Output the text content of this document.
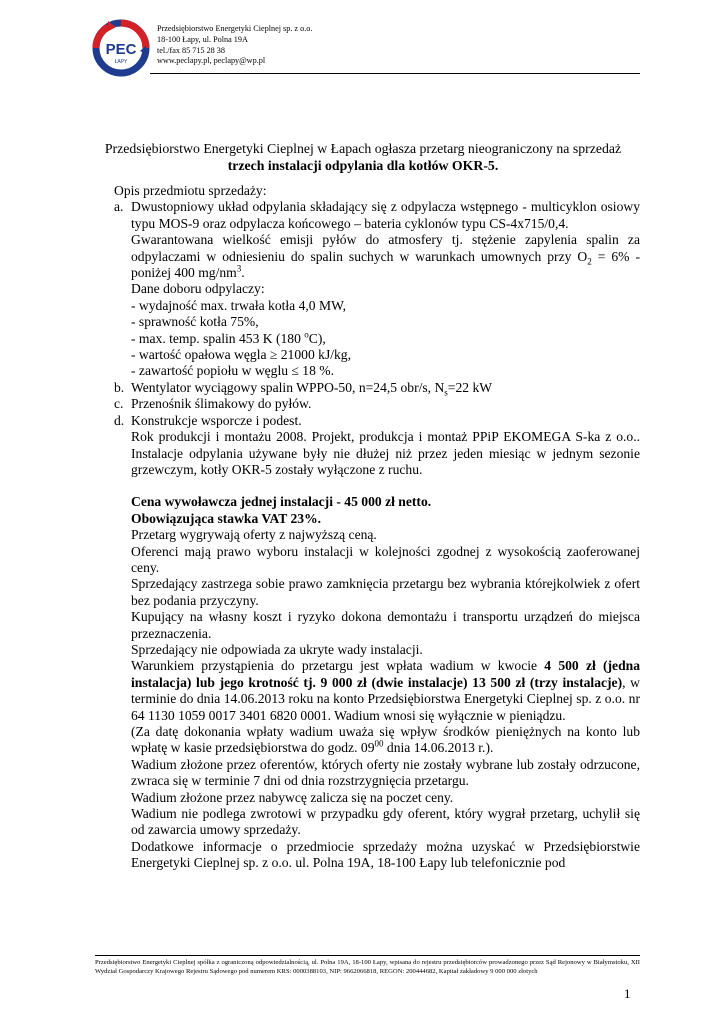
PEC
ŁAPY
Przedsiębiorstwo Energetyki Cieplnej sp. z o.o.
18-100 Łapy, ul. Polna 19A
tel./fax 85 715 28 38
www.peclapy.pl, peclapy@wp.pl
Przedsiębiorstwo Energetyki Cieplnej w Łapach ogłasza przetarg nieograniczony na sprzedaż
trzech instalacji odpylania dla kotłów OKR-5.

Opis przedmiotu sprzedaży:

a. Dwustopniowy układ odpylania składający się z odpylacza wstępnego - multicyklon osiowy typu MOS-9 oraz odpylacza końcowego – bateria cyklonów typu CS-4x715/0,4.
Gwarantowana wielkość emisji pyłów do atmosfery tj. stężenie zapylenia spalin za odpylaczami w odniesieniu do spalin suchych w warunkach umownych przy $O_2 = 6\%$ - poniżej 400 $mg/nm^3$.
Dane doboru odpylaczy:
- wydajność max. trwała kotła 4,0 MW,
- sprawność kotła 75%,
- max. temp. spalin 453 K (180 $^o$C),
- wartość opałowa węgla ≥ 21000 kJ/kg,
- zawartość popiołu w węglu ≤ 18 %.
b. Wentylator wyciągowy spalin WPPO-50, n=24,5 obr/s, $N_s=22$ kW
c. Przenośnik ślimakowy do pyłów.
d. Konstrukcje wsporcze i podest.
Rok produkcji i montażu 2008. Projekt, produkcja i montaż PPiP EKOMEGA S-ka z o.o.. Instalacje odpylania używane były nie dłużej niż przez jeden miesiąc w jednym sezonie grzewczym, kotły OKR-5 zostały wyłączone z ruchu.

Cena wywoławcza jednej instalacji - 45 000 zł netto.

Obowiązująca stawka VAT 23%.

Przetarg wygrywają oferty z najwyższą ceną.

Oferenci mają prawo wyboru instalacji w kolejności zgodnej z wysokością zaoferowanej ceny.

Sprzedający zastrzega sobie prawo zamknięcia przetargu bez wybrania którejkolwiek z ofert bez podania przyczyny.

Kupujący na własny koszt i ryzyko dokona demontażu i transportu urządzeń do miejsca przeznaczenia.

Sprzedający nie odpowiada za ukryte wady instalacji.

Warunkiem przystąpienia do przetargu jest wpłata wadium w kwocie 4 500 zł (jedna instalacja) lub jego krotność tj. 9 000 zł (dwie instalacje) 13 500 zł (trzy instalacje), w terminie do dnia 14.06.2013 roku na konto Przedsiębiorstwa Energetyki Cieplnej sp. z o.o. nr 64 1130 1059 0017 3401 6820 0001. Wadium wnosi się wyłącznie w pieniądzu.

(Za datę dokonania wpłaty wadium uważa się wpływ środków pieniężnych na konto lub wpłatę w kasie przedsiębiorstwa do godz. $09^{00}$ dnia 14.06.2013 r.).

Wadium złożone przez oferentów, których oferty nie zostały wybrane lub zostały odrzucone, zwraca się w terminie 7 dni od dnia rozstrzygnięcia przetargu.

Wadium złożone przez nabywcę zalicza się na poczet ceny.

Wadium nie podlega zwrotowi w przypadku gdy oferent, który wygrał przetarg, uchylił się od zawarcia umowy sprzedaży.

Dodatkowe informacje o przedmiocie sprzedaży można uzyskać w Przedsiębiorstwie Energetyki Cieplnej sp. z o.o. ul. Polna 19A, 18-100 Łapy lub telefonicznie pod

Przedsiębiorstwo Energetyki Cieplnej spółka z ograniczoną odpowiedzialnością, ul. Polna 19A, 18-100 Łapy, wpisana do rejestru przedsiębiorców prowadzonego przez Sąd Rejonowy w Białymstoku, XII Wydział Gospodarczy Krajowego Rejestru Sądowego pod numerem KRS: 0000388103, NIP: 9662066818, REGON: 200444682, Kapitał zakładowy 9 000 000 złotych
1
